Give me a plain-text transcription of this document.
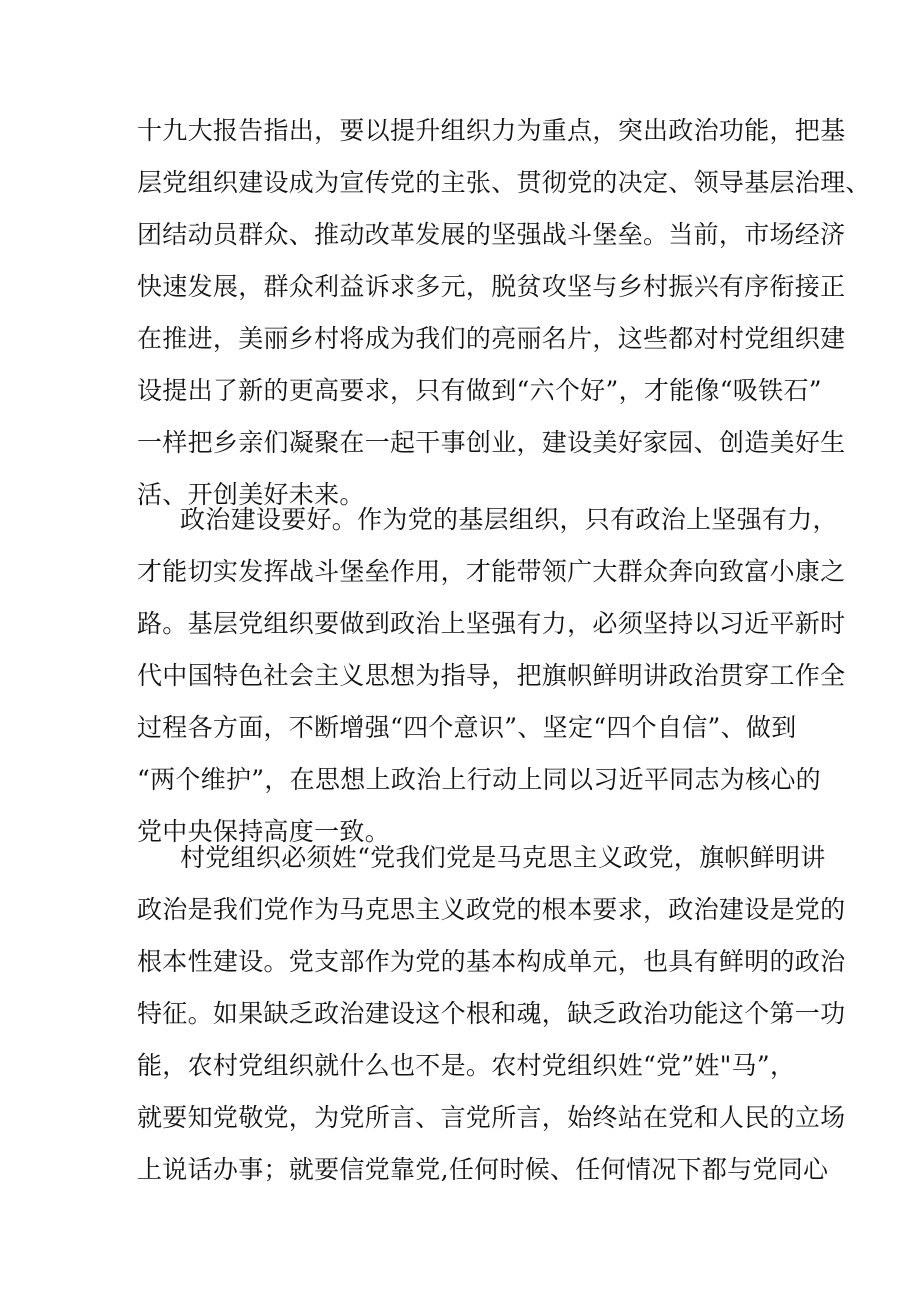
十九大报告指出，要以提升组织力为重点，突出政治功能，把基
层党组织建设成为宣传党的主张、贯彻党的决定、领导基层治理、
团结动员群众、推动改革发展的坚强战斗堡垒。当前，市场经济
快速发展，群众利益诉求多元，脱贫攻坚与乡村振兴有序衔接正
在推进，美丽乡村将成为我们的亮丽名片，这些都对村党组织建
设提出了新的更高要求，只有做到“六个好”，才能像“吸铁石”
一样把乡亲们凝聚在一起干事创业，建设美好家园、创造美好生
活、开创美好未来。
政治建设要好。作为党的基层组织，只有政治上坚强有力，
才能切实发挥战斗堡垒作用，才能带领广大群众奔向致富小康之
路。基层党组织要做到政治上坚强有力，必须坚持以习近平新时
代中国特色社会主义思想为指导，把旗帜鲜明讲政治贯穿工作全
过程各方面，不断增强“四个意识”、坚定“四个自信”、做到
“两个维护”，在思想上政治上行动上同以习近平同志为核心的
党中央保持高度一致。
村党组织必须姓“党我们党是马克思主义政党，旗帜鲜明讲
政治是我们党作为马克思主义政党的根本要求，政治建设是党的
根本性建设。党支部作为党的基本构成单元，也具有鲜明的政治
特征。如果缺乏政治建设这个根和魂，缺乏政治功能这个第一功
能，农村党组织就什么也不是。农村党组织姓“党”姓"马”，
就要知党敬党，为党所言、言党所言，始终站在党和人民的立场
上说话办事；就要信党靠党,任何时候、任何情况下都与党同心
